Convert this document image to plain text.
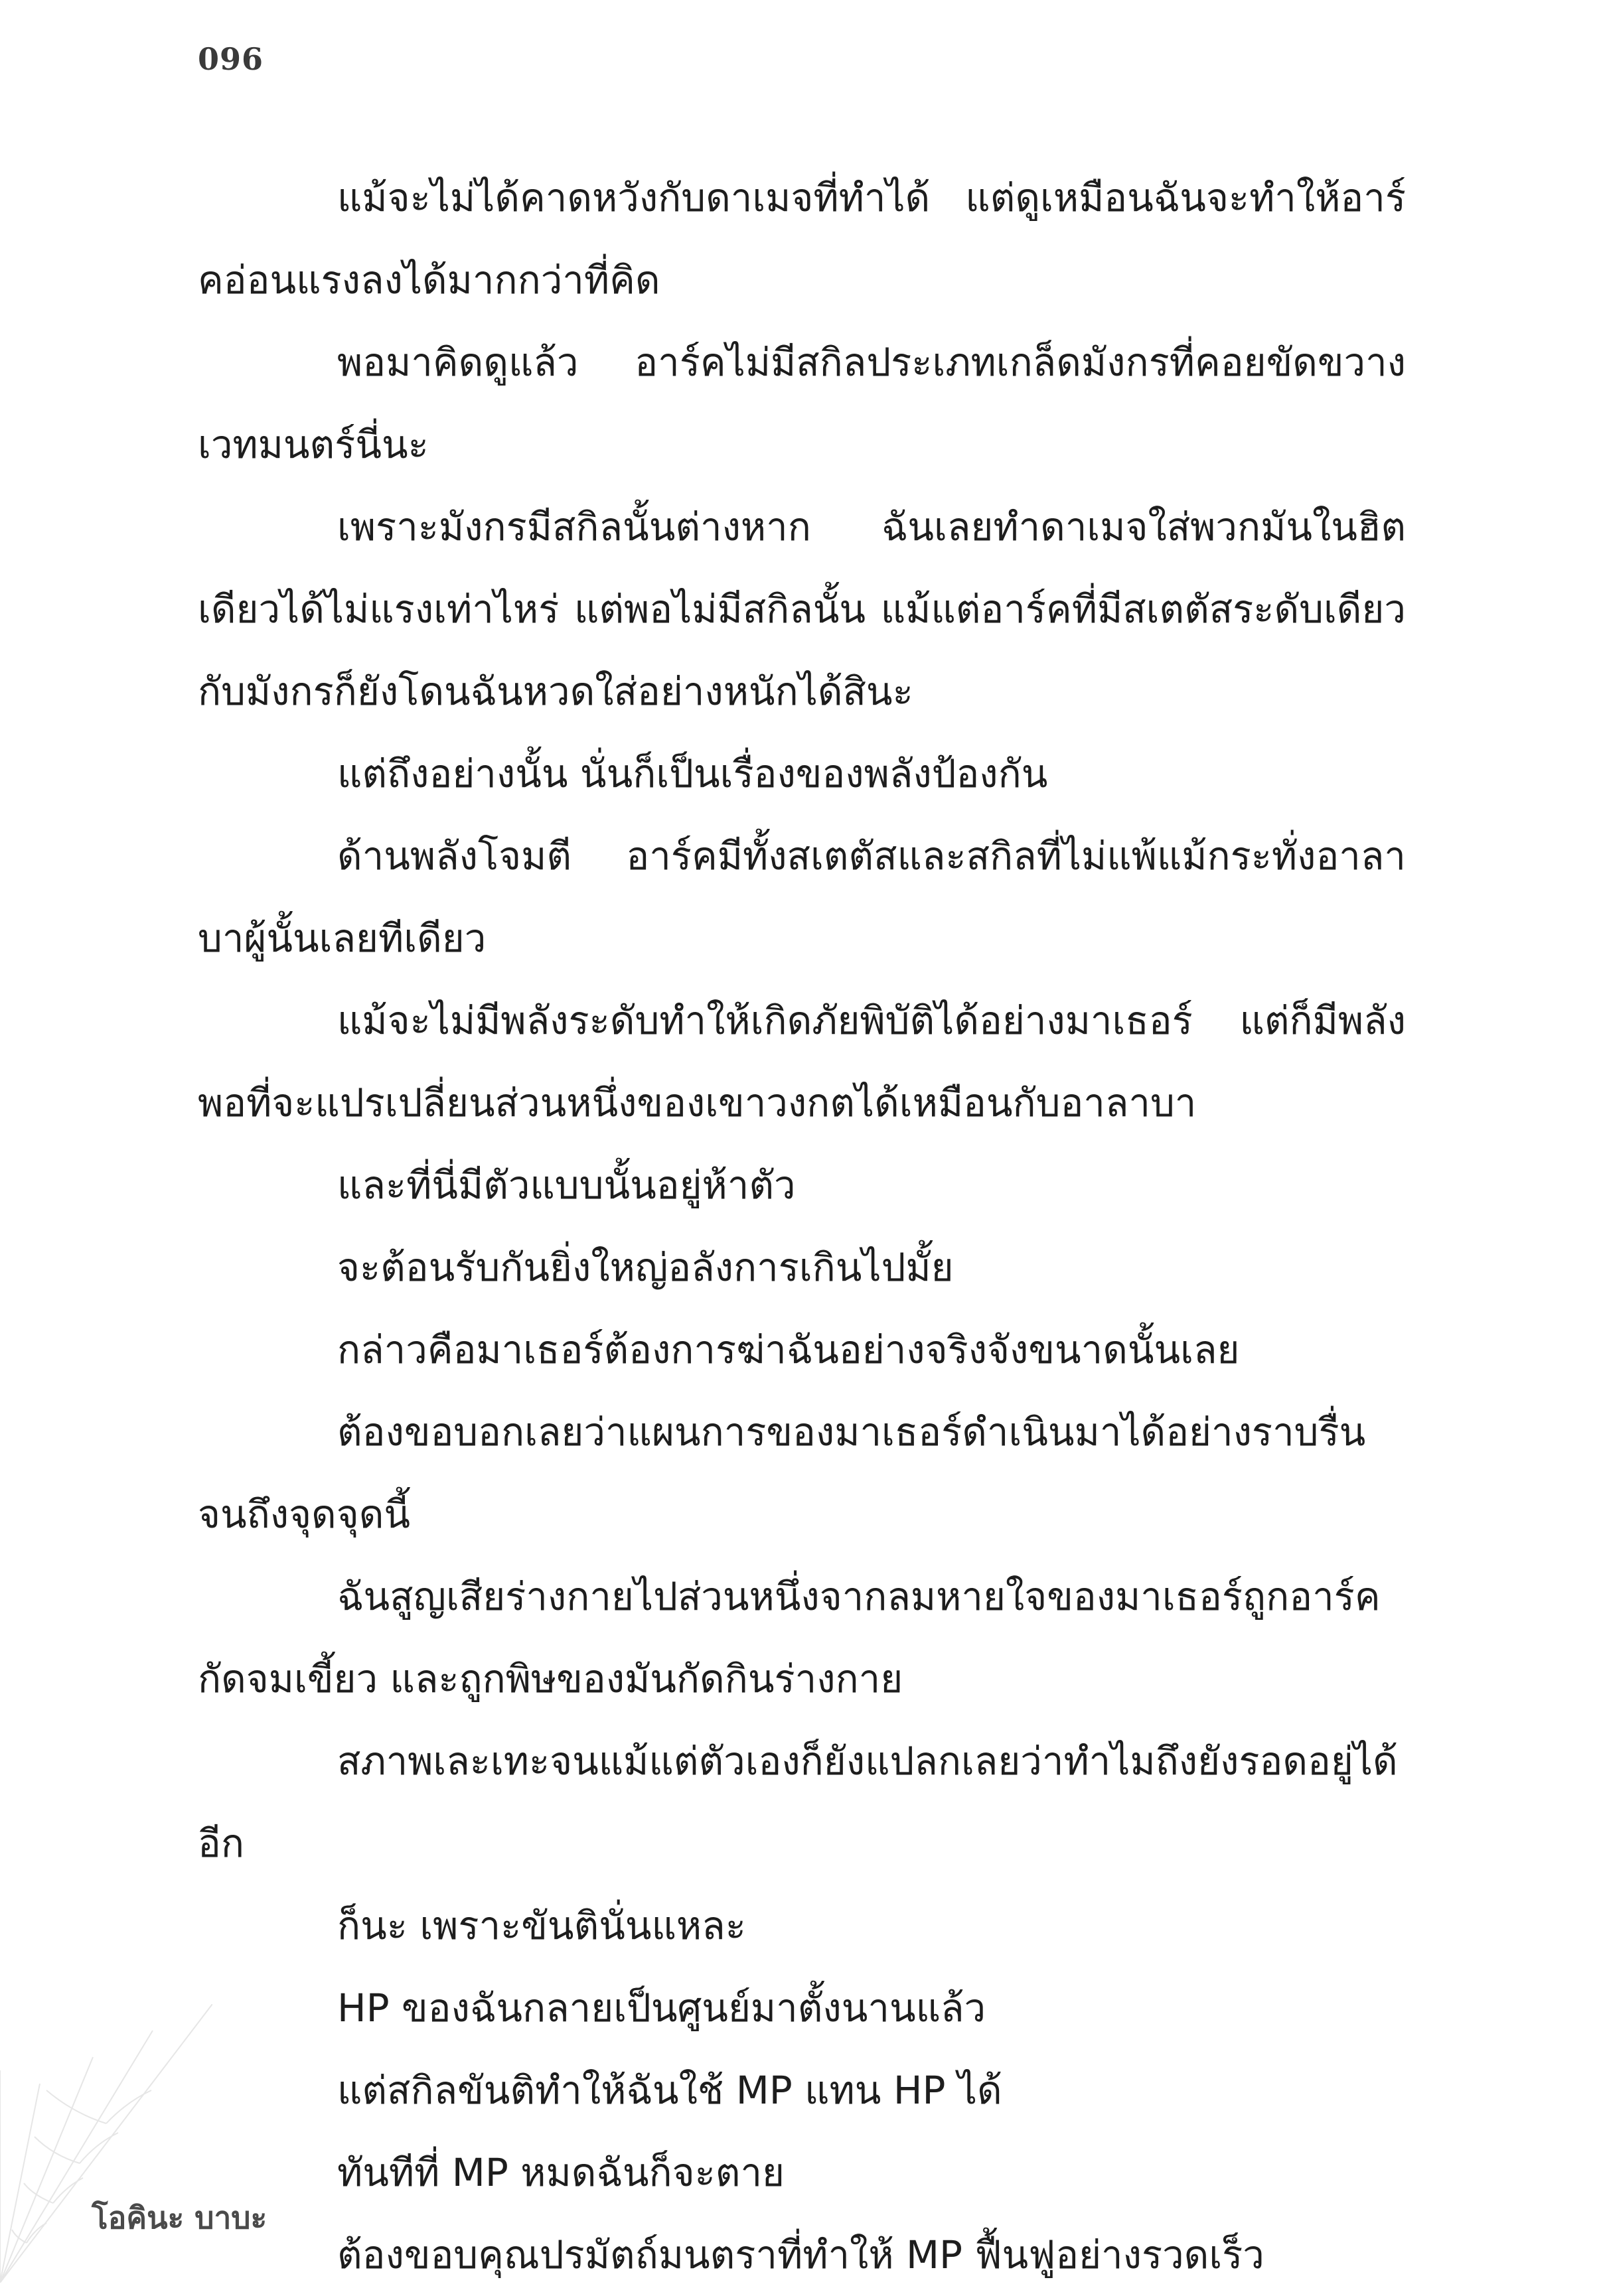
096

แม้จะไม่ได้คาดหวังกับดาเมจที่ทำได้ แต่ดูเหมือนฉันจะทำให้อาร์คอ่อนแรงลงได้มากกว่าที่คิด

พอมาคิดดูแล้ว อาร์คไม่มีสกิลประเภทเกล็ดมังกรที่คอยขัดขวางเวทมนตร์นี่นะ

เพราะมังกรมีสกิลนั้นต่างหาก ฉันเลยทำดาเมจใส่พวกมันในฮิตเดียวได้ไม่แรงเท่าไหร่ แต่พอไม่มีสกิลนั้น แม้แต่อาร์คที่มีสเตตัสระดับเดียวกับมังกรก็ยังโดนฉันหวดใส่อย่างหนักได้สินะ

แต่ถึงอย่างนั้น นั่นก็เป็นเรื่องของพลังป้องกัน

ด้านพลังโจมตี อาร์คมีทั้งสเตตัสและสกิลที่ไม่แพ้แม้กระทั่งอาลาบาผู้นั้นเลยทีเดียว

แม้จะไม่มีพลังระดับทำให้เกิดภัยพิบัติได้อย่างมาเธอร์ แต่ก็มีพลังพอที่จะแปรเปลี่ยนส่วนหนึ่งของเขาวงกตได้เหมือนกับอาลาบา

และที่นี่มีตัวแบบนั้นอยู่ห้าตัว

จะต้อนรับกันยิ่งใหญ่อลังการเกินไปมั้ย

กล่าวคือมาเธอร์ต้องการฆ่าฉันอย่างจริงจังขนาดนั้นเลย

ต้องขอบอกเลยว่าแผนการของมาเธอร์ดำเนินมาได้อย่างราบรื่นจนถึงจุดจุดนี้

ฉันสูญเสียร่างกายไปส่วนหนึ่งจากลมหายใจของมาเธอร์ถูกอาร์คกัดจมเขี้ยว และถูกพิษของมันกัดกินร่างกาย

สภาพเละเทะจนแม้แต่ตัวเองก็ยังแปลกเลยว่าทำไมถึงยังรอดอยู่ได้อีก

ก็นะ เพราะขันตินั่นแหละ

HP ของฉันกลายเป็นศูนย์มาตั้งนานแล้ว

แต่สกิลขันติทำให้ฉันใช้ MP แทน HP ได้

ทันทีที่ MP หมดฉันก็จะตาย

ต้องขอบคุณปรมัตถ์มนตราที่ทำให้ MP ฟื้นฟูอย่างรวดเร็ว

โอคินะ บาบะ
